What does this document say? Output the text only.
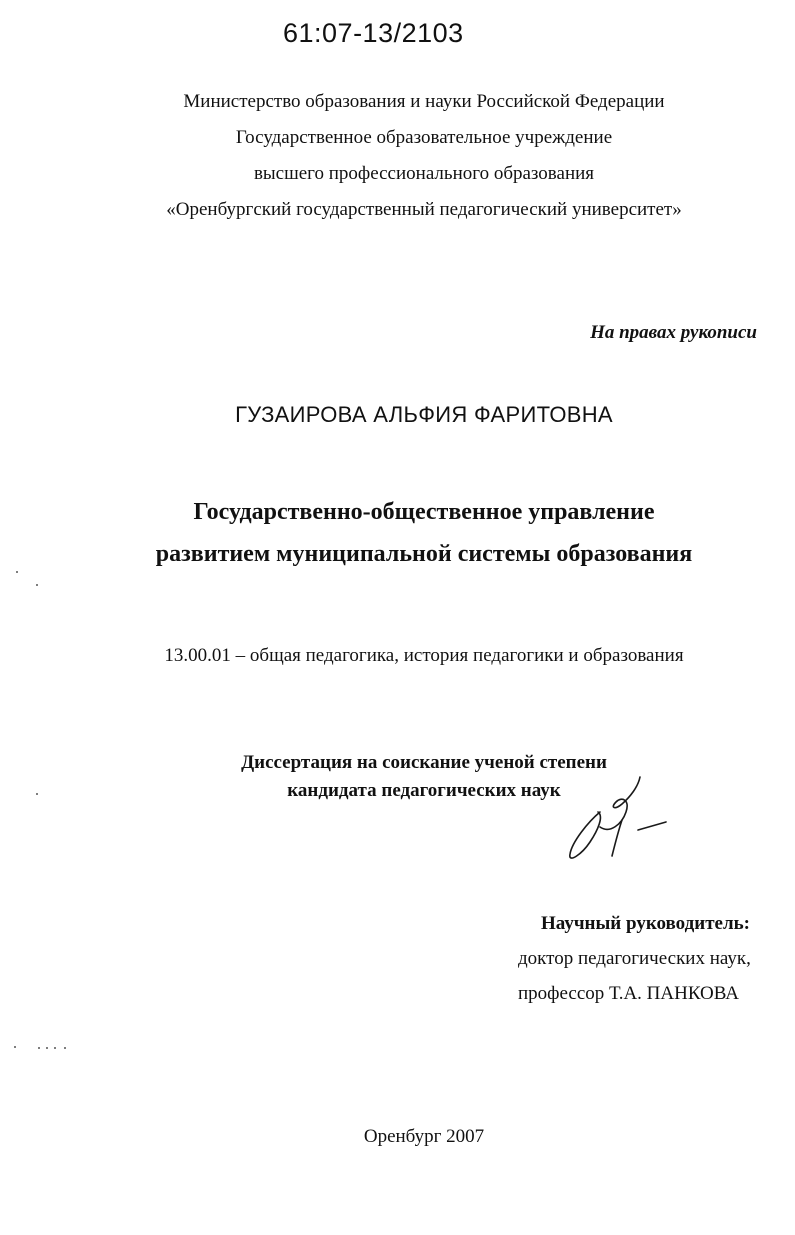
61:07-13/2103
Министерство образования и науки Российской Федерации
Государственное образовательное учреждение
высшего профессионального образования
«Оренбургский государственный педагогический университет»
На правах рукописи
ГУЗАИРОВА АЛЬФИЯ ФАРИТОВНА
Государственно-общественное управление
развитием муниципальной системы образования
13.00.01 – общая педагогика, история педагогики и образования
Диссертация на соискание ученой степени
кандидата педагогических наук
Научный руководитель:
доктор педагогических наук,
профессор Т.А. ПАНКОВА
Оренбург 2007
